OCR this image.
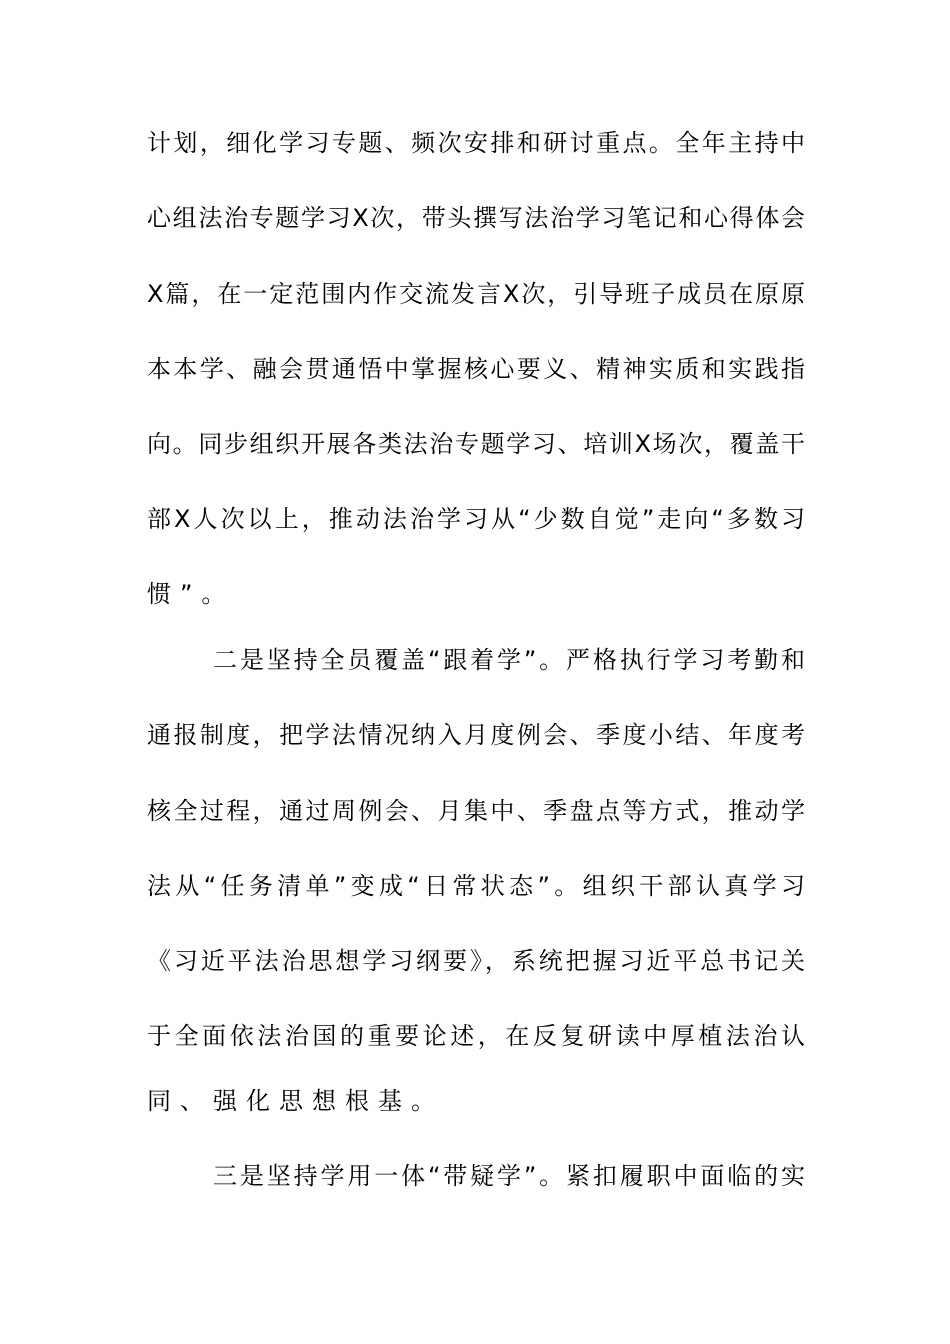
计划，细化学习专题、频次安排和研讨重点。全年主持中
心组法治专题学习X次，带头撰写法治学习笔记和心得体会
X篇，在一定范围内作交流发言X次，引导班子成员在原原
本本学、融会贯通悟中掌握核心要义、精神实质和实践指
向。同步组织开展各类法治专题学习、培训X场次，覆盖干
部X人次以上，推动法治学习从“少数自觉”走向“多数习
惯”。
二是坚持全员覆盖“跟着学”。严格执行学习考勤和
通报制度，把学法情况纳入月度例会、季度小结、年度考
核全过程，通过周例会、月集中、季盘点等方式，推动学
法从“任务清单”变成“日常状态”。组织干部认真学习
《习近平法治思想学习纲要》，系统把握习近平总书记关
于全面依法治国的重要论述，在反复研读中厚植法治认
同、强化思想根基。
三是坚持学用一体“带疑学”。紧扣履职中面临的实
